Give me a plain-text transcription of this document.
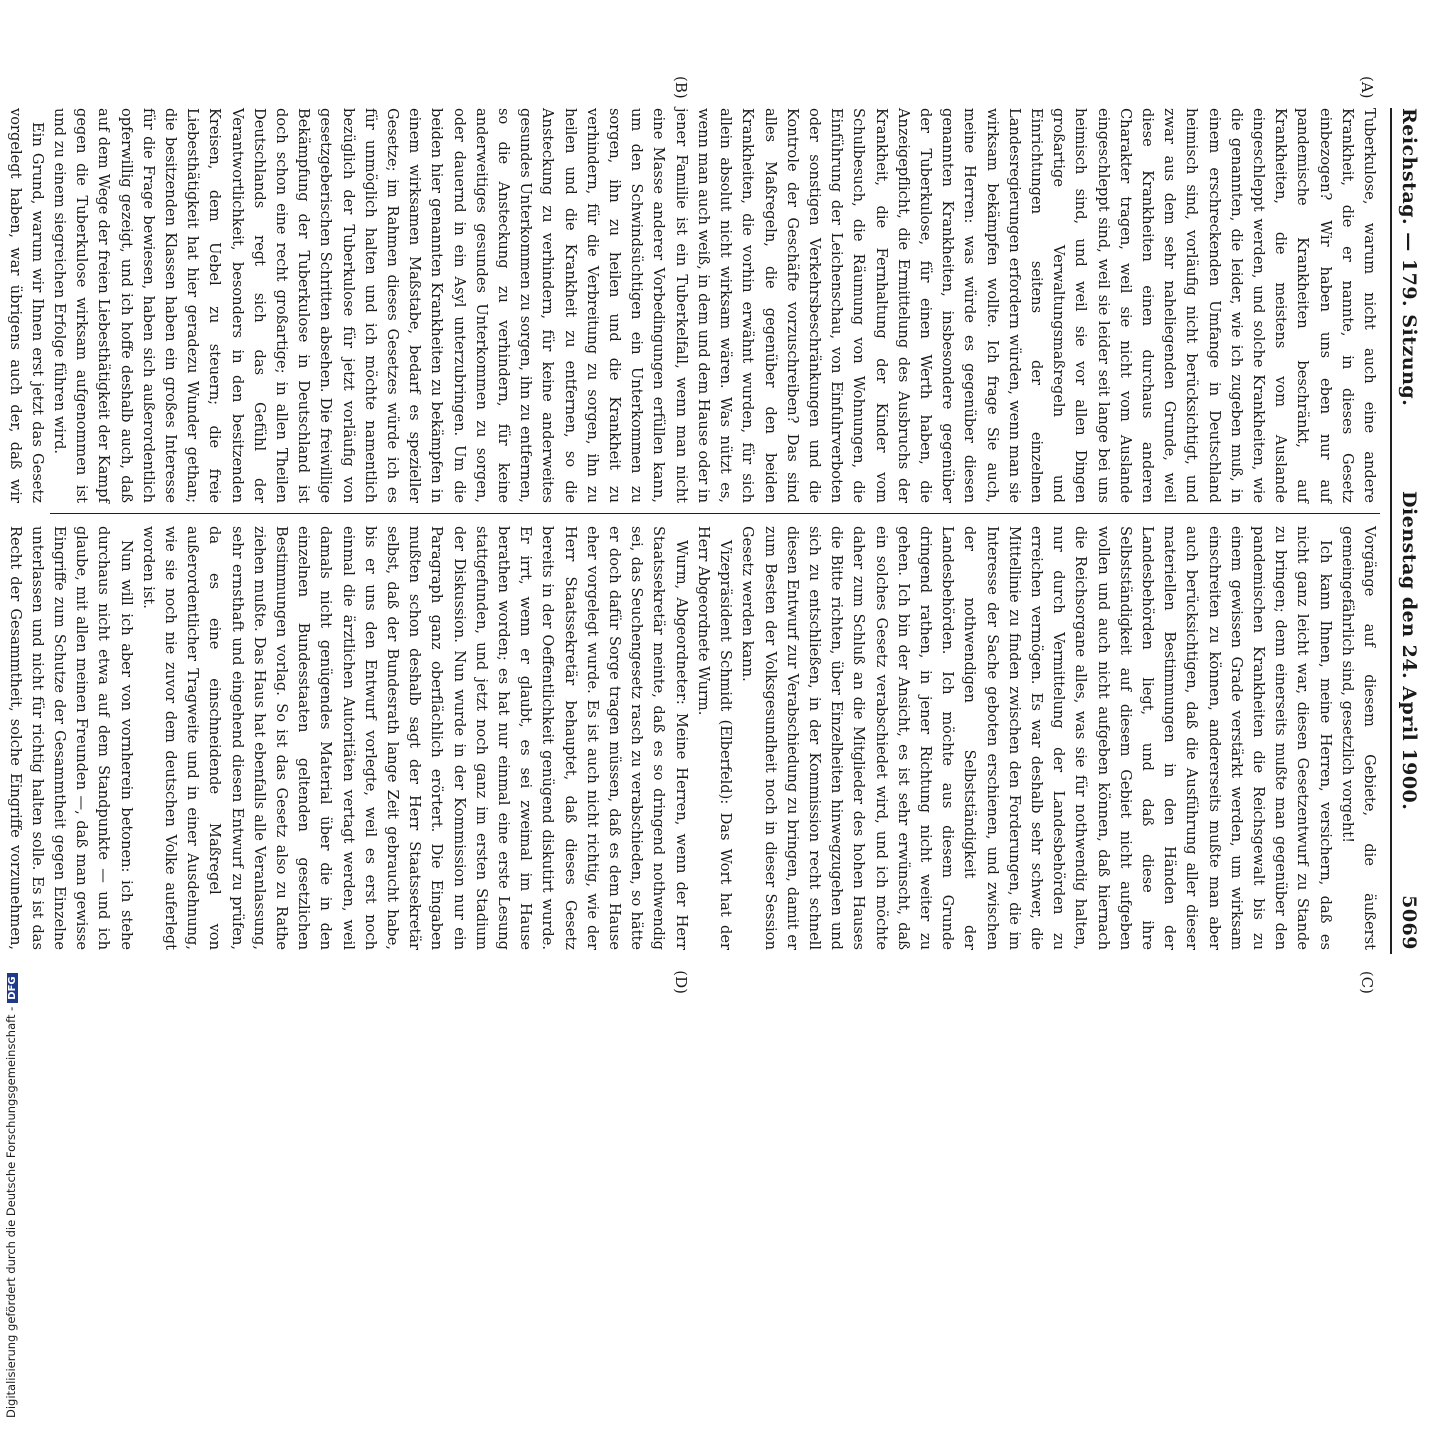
Digitalisierung gefördert durch die Deutsche Forschungsgemeinschaft -DFG
Reichstag. — 179. Sitzung.
Dienstag den 24. April 1900.
5069
(A)
(B)
(C)
(D)

Tuberkulose, warum nicht auch eine andere Krankheit, die er nannte, in dieses Gesetz einbezogen? Wir haben uns eben nur auf pandemische Krankheiten beschränkt, auf Krankheiten, die meistens vom Auslande eingeschleppt werden, und solche Krankheiten, wie die genannten, die leider, wie ich zugeben muß, in einem erschreckenden Umfange in Deutschland heimisch sind, vorläufig nicht berücksichtigt, und zwar aus dem sehr naheliegenden Grunde, weil diese Krankheiten einen durchaus anderen Charakter tragen, weil sie nicht vom Auslande eingeschleppt sind, weil sie leider seit lange bei uns heimisch sind, und weil sie vor allen Dingen großartige Verwaltungsmaßregeln und Einrichtungen seitens der einzelnen Landesregierungen erfordern würden, wenn man sie wirksam bekämpfen wollte. Ich frage Sie auch, meine Herren: was würde es gegenüber diesen genannten Krankheiten, insbesondere gegenüber der Tuberkulose, für einen Werth haben, die Anzeigepflicht, die Ermittelung des Ausbruchs der Krankheit, die Fernhaltung der Kinder vom Schulbesuch, die Räumung von Wohnungen, die Einführung der Leichenschau, von Einfuhrverboten oder sonstigen Verkehrsbeschränkungen und die Kontrole der Geschäfte vorzuschreiben? Das sind alles Maßregeln, die gegenüber den beiden Krankheiten, die vorhin erwähnt wurden, für sich allein absolut nicht wirksam wären. Was nützt es, wenn man auch weiß, in dem und dem Hause oder in jener Familie ist ein Tuberkelfall, wenn man nicht eine Masse anderer Vorbedingungen erfüllen kann, um den Schwindsüchtigen ein Unterkommen zu sorgen, ihn zu heilen und die Krankheit zu verhindern, für die Verbreitung zu sorgen, ihn zu heilen und die Krankheit zu entfernen, so die Ansteckung zu verhindern, für keine anderweites gesundes Unterkommen zu sorgen, ihn zu entfernen, so die Ansteckung zu verhindern, für keine anderweitiges gesundes Unterkommen zu sorgen, oder dauernd in ein Asyl unterzubringen. Um die beiden hier genannten Krankheiten zu bekämpfen in einem wirksamen Maßstabe, bedarf es spezieller Gesetze; im Rahmen dieses Gesetzes würde ich es für unmöglich halten und ich möchte namentlich bezüglich der Tuberkulose für jetzt vorläufig von gesetzgeberischen Schritten absehen. Die freiwillige Bekämpfung der Tuberkulose in Deutschland ist doch schon eine recht großartige; in allen Theilen Deutschlands regt sich das Gefühl der Verantwortlichkeit, besonders in den besitzenden Kreisen, dem Uebel zu steuern; die freie Liebesthätigkeit hat hier geradezu Wunder gethan; die besitzenden Klassen haben ein großes Interesse für die Frage bewiesen, haben sich außerordentlich opferwillig gezeigt, und ich hoffe deshalb auch, daß auf dem Wege der freien Liebesthätigkeit der Kampf gegen die Tuberkulose wirksam aufgenommen ist und zu einem siegreichen Erfolge führen wird.

Ein Grund, warum wir Ihnen erst jetzt das Gesetz vorgelegt haben, war übrigens auch der, daß wir

Vorgänge auf diesem Gebiete, die äußerst gemeingefährlich sind, gesetzlich vorgeht!

Ich kann Ihnen, meine Herren, versichern, daß es nicht ganz leicht war, diesen Gesetzentwurf zu Stande zu bringen; denn einerseits mußte man gegenüber den pandemischen Krankheiten die Reichsgewalt bis zu einem gewissen Grade verstärkt werden, um wirksam einschreiten zu können, andererseits mußte man aber auch berücksichtigen, daß die Ausführung aller dieser materiellen Bestimmungen in den Händen der Landesbehörden liegt, und daß diese ihre Selbstständigkeit auf diesem Gebiet nicht aufgeben wollen und auch nicht aufgeben können, daß hiernach die Reichsorgane alles, was sie für nothwendig halten, nur durch Vermittelung der Landesbehörden zu erreichen vermögen. Es war deshalb sehr schwer, die Mittellinie zu finden zwischen den Forderungen, die im Interesse der Sache geboten erschienen, und zwischen der nothwendigen Selbstständigkeit der Landesbehörden. Ich möchte aus diesem Grunde dringend rathen, in jener Richtung nicht weiter zu gehen. Ich bin der Ansicht, es ist sehr erwünscht, daß ein solches Gesetz verabschiedet wird, und ich möchte daher zum Schluß an die Mitglieder des hohen Hauses die Bitte richten, über Einzelheiten hinwegzugehen und sich zu entschließen, in der Kommission recht schnell diesen Entwurf zur Verabschiedung zu bringen, damit er zum Besten der Volksgesundheit noch in dieser Session Gesetz werden kann.

Vizepräsident Schmidt (Elberfeld): Das Wort hat der Herr Abgeordnete Wurm.

Wurm, Abgeordneter: Meine Herren, wenn der Herr Staatssekretär meinte, daß es so dringend nothwendig sei, das Seuchengesetz rasch zu verabschieden, so hätte er doch dafür Sorge tragen müssen, daß es dem Hause eher vorgelegt wurde. Es ist auch nicht richtig, wie der Herr Staatssekretär behauptet, daß dieses Gesetz bereits in der Oeffentlichkeit genügend diskutirt wurde. Er irrt, wenn er glaubt, es sei zweimal im Hause berathen worden; es hat nur einmal eine erste Lesung stattgefunden, und jetzt noch ganz im ersten Stadium der Diskussion. Nun wurde in der Kommission nur ein Paragraph ganz oberflächlich erörtert. Die Eingaben mußten schon deshalb sagt der Herr Staatssekretär selbst, daß der Bundesrath lange Zeit gebraucht habe, bis er uns den Entwurf vorlegte, weil es erst noch einmal die ärztlichen Autoritäten vertagt werden, weil damals nicht genügendes Material über die in den einzelnen Bundesstaaten geltenden gesetzlichen Bestimmungen vorlag. So ist das Gesetz also zu Rathe ziehen mußte. Das Haus hat ebenfalls alle Veranlassung, sehr ernsthaft und eingehend diesen Entwurf zu prüfen, da es eine einschneidende Maßregel von außerordentlicher Tragweite und in einer Ausdehnung, wie sie noch nie zuvor dem deutschen Volke auferlegt worden ist.

Nun will ich aber von vornherein betonen: ich stehe durchaus nicht etwa auf dem Standpunkte — und ich glaube, mit allen meinen Freunden —, daß man gewisse Eingriffe zum Schutze der Gesammtheit gegen Einzelne unterlassen und nicht für richtig halten solle. Es ist das Recht der Gesammtheit, solche Eingriffe vorzunehmen,
